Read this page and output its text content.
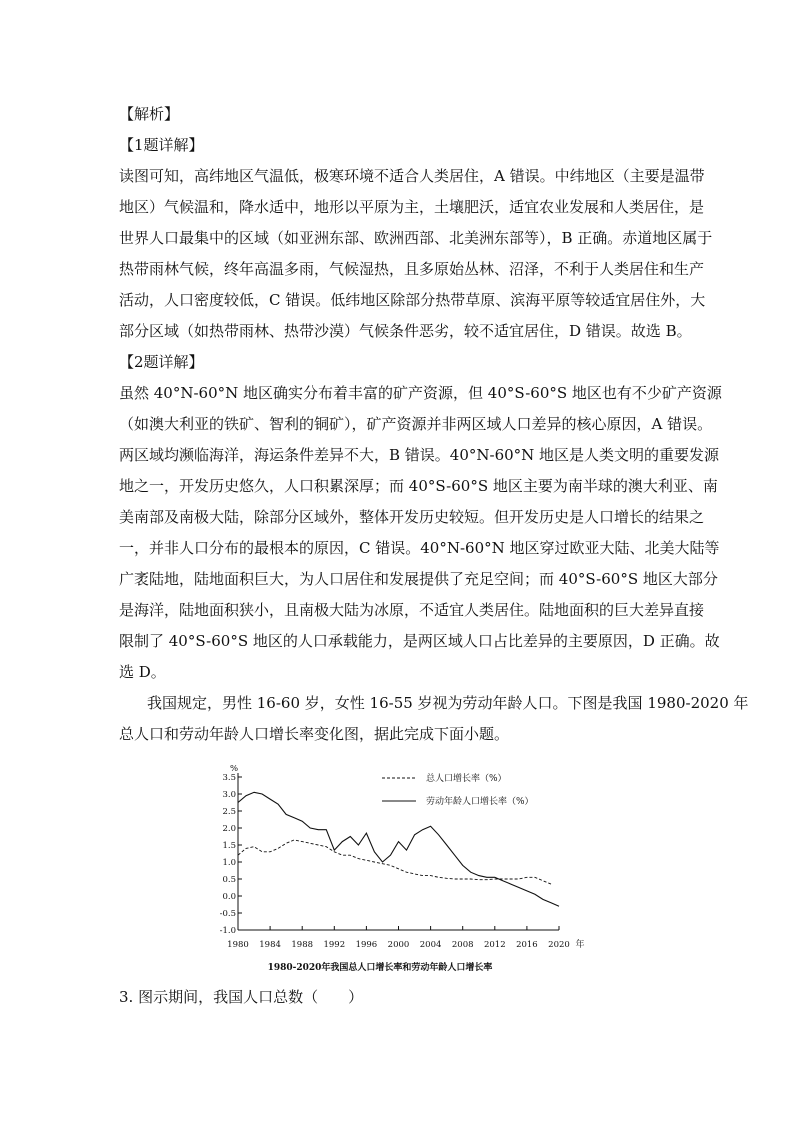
【解析】
【1题详解】
读图可知，高纬地区气温低，极寒环境不适合人类居住，A 错误。中纬地区（主要是温带
地区）气候温和，降水适中，地形以平原为主，土壤肥沃，适宜农业发展和人类居住，是
世界人口最集中的区域（如亚洲东部、欧洲西部、北美洲东部等），B 正确。赤道地区属于
热带雨林气候，终年高温多雨，气候湿热，且多原始丛林、沼泽，不利于人类居住和生产
活动，人口密度较低，C 错误。低纬地区除部分热带草原、滨海平原等较适宜居住外，大
部分区域（如热带雨林、热带沙漠）气候条件恶劣，较不适宜居住，D 错误。故选 B。
【2题详解】
虽然 40°N-60°N 地区确实分布着丰富的矿产资源，但 40°S-60°S 地区也有不少矿产资源
（如澳大利亚的铁矿、智利的铜矿），矿产资源并非两区域人口差异的核心原因，A 错误。
两区域均濒临海洋，海运条件差异不大，B 错误。40°N-60°N 地区是人类文明的重要发源
地之一，开发历史悠久，人口积累深厚；而 40°S-60°S 地区主要为南半球的澳大利亚、南
美南部及南极大陆，除部分区域外，整体开发历史较短。但开发历史是人口增长的结果之
一，并非人口分布的最根本的原因，C 错误。40°N-60°N 地区穿过欧亚大陆、北美大陆等
广袤陆地，陆地面积巨大，为人口居住和发展提供了充足空间；而 40°S-60°S 地区大部分
是海洋，陆地面积狭小，且南极大陆为冰原，不适宜人类居住。陆地面积的巨大差异直接
限制了 40°S-60°S 地区的人口承载能力，是两区域人口占比差异的主要原因，D 正确。故
选 D。
我国规定，男性 16-60 岁，女性 16-55 岁视为劳动年龄人口。下图是我国 1980-2020 年
总人口和劳动年龄人口增长率变化图，据此完成下面小题。
3.5
3.0
2.5
2.0
1.5
1.0
0.5
0.0
-0.5
-1.0
1980 1984 1988 1992 1996 2000 2004 2008 2012 2016 2020
%
年
总人口增长率（%）
劳动年龄人口增长率（%）
1980-2020年我国总人口增长率和劳动年龄人口增长率
3. 图示期间，我国人口总数（　　）
